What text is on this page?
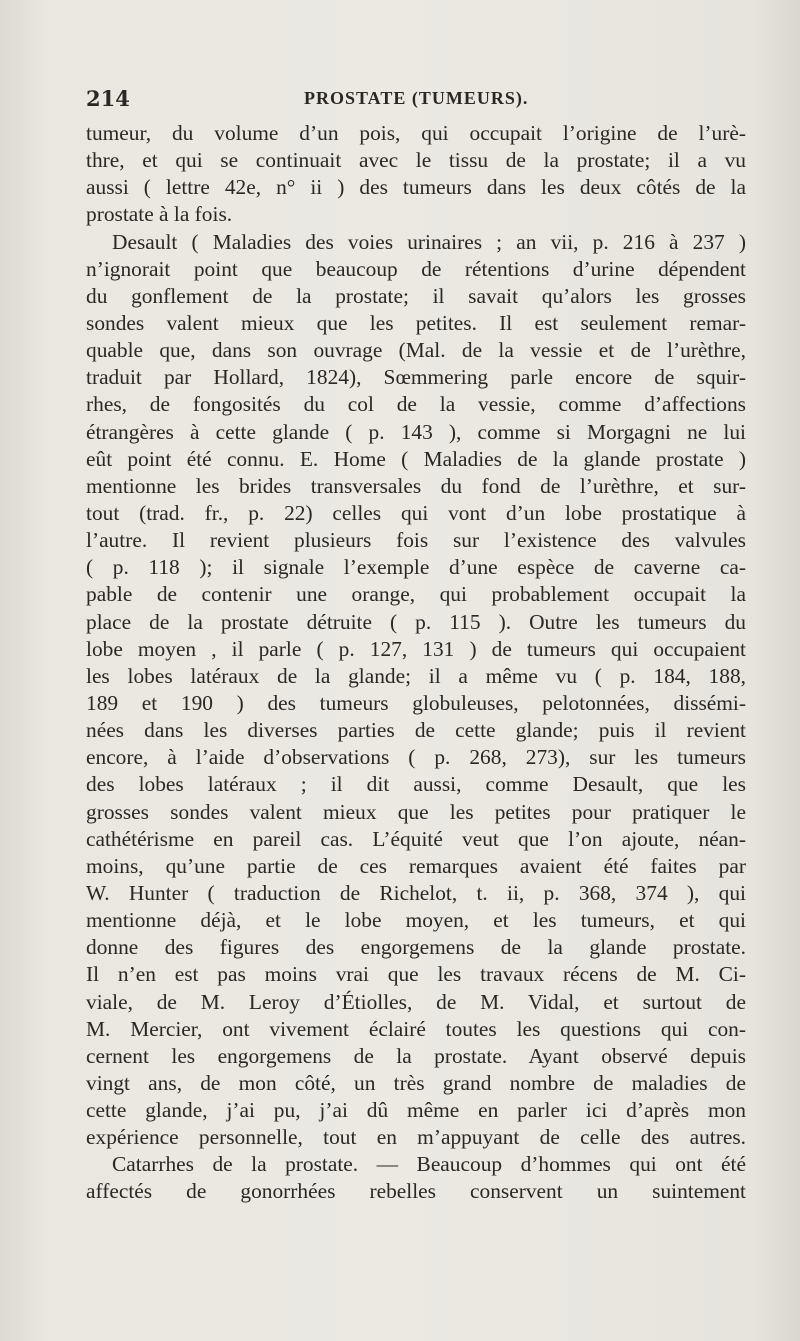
214	PROSTATE (TUMEURS).
tumeur, du volume d’un pois, qui occupait l’origine de l’urè-
thre, et qui se continuait avec le tissu de la prostate; il a vu
aussi ( lettre 42e, n° ii ) des tumeurs dans les deux côtés de la
prostate à la fois.
Desault ( Maladies des voies urinaires ; an vii, p. 216 à 237 )
n’ignorait point que beaucoup de rétentions d’urine dépendent
du gonflement de la prostate; il savait qu’alors les grosses
sondes valent mieux que les petites. Il est seulement remar-
quable que, dans son ouvrage (Mal. de la vessie et de l’urèthre,
traduit par Hollard, 1824), Sœmmering parle encore de squir-
rhes, de fongosités du col de la vessie, comme d’affections
étrangères à cette glande ( p. 143 ), comme si Morgagni ne lui
eût point été connu. E. Home ( Maladies de la glande prostate )
mentionne les brides transversales du fond de l’urèthre, et sur-
tout (trad. fr., p. 22) celles qui vont d’un lobe prostatique à
l’autre. Il revient plusieurs fois sur l’existence des valvules
( p. 118 ); il signale l’exemple d’une espèce de caverne ca-
pable de contenir une orange, qui probablement occupait la
place de la prostate détruite ( p. 115 ). Outre les tumeurs du
lobe moyen , il parle ( p. 127, 131 ) de tumeurs qui occupaient
les lobes latéraux de la glande; il a même vu ( p. 184, 188,
189 et 190 ) des tumeurs globuleuses, pelotonnées, dissémi-
nées dans les diverses parties de cette glande; puis il revient
encore, à l’aide d’observations ( p. 268, 273), sur les tumeurs
des lobes latéraux ; il dit aussi, comme Desault, que les
grosses sondes valent mieux que les petites pour pratiquer le
cathétérisme en pareil cas. L’équité veut que l’on ajoute, néan-
moins, qu’une partie de ces remarques avaient été faites par
W. Hunter ( traduction de Richelot, t. ii, p. 368, 374 ), qui
mentionne déjà, et le lobe moyen, et les tumeurs, et qui
donne des figures des engorgemens de la glande prostate.
Il n’en est pas moins vrai que les travaux récens de M. Ci-
viale, de M. Leroy d’Étiolles, de M. Vidal, et surtout de
M. Mercier, ont vivement éclairé toutes les questions qui con-
cernent les engorgemens de la prostate. Ayant observé depuis
vingt ans, de mon côté, un très grand nombre de maladies de
cette glande, j’ai pu, j’ai dû même en parler ici d’après mon
expérience personnelle, tout en m’appuyant de celle des autres.
Catarrhes de la prostate. — Beaucoup d’hommes qui ont été
affectés de gonorrhées rebelles conservent un suintement
